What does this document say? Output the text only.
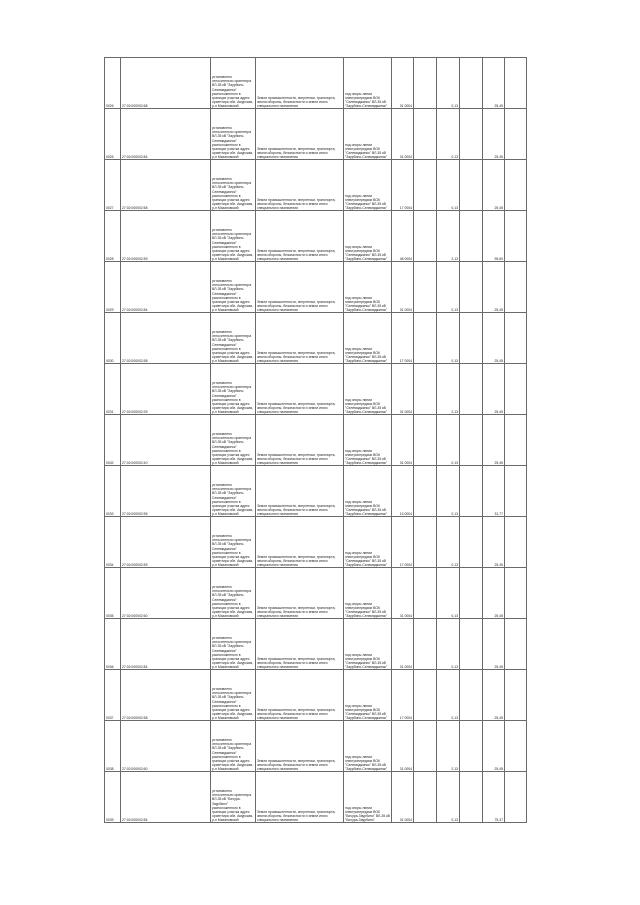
0026	27:02:000002:68	установлено относительно ориентира ВЛ-35 кВ "Заурбино-Селемиджинск" расположенного в границах участка адрес ориентира обл. Амурская, р-н Мазановский	Земли промышленности, энергетики, транспорта, земли обороны, безопасности и земли иного специального назначения	под опоры линии электропередачи ВОК "Селемиджинск" ВЛ-35 кВ "Заурбино-Селемиджинск"	31 0004		0,13		25,45	
0026	27:02:000002:84	установлено относительно ориентира ВЛ-35 кВ "Заурбино-Селемиджинск" расположенного в границах участка адрес ориентира обл. Амурская, р-н Мазановский	Земли промышленности, энергетики, транспорта, земли обороны, безопасности и земли иного специального назначения	под опоры линии электропередачи ВОК "Селемиджинск" ВЛ-35 кВ "Заурбино-Селемиджинск"	31 0004		0,13		25,45	
0027	27:02:000002:58	установлено относительно ориентира ВЛ-35 кВ "Заурбино-Селемиджинск" расположенного в границах участка адрес ориентира обл. Амурская, р-н Мазановский	Земли промышленности, энергетики, транспорта, земли обороны, безопасности и земли иного специального назначения	под опоры линии электропередачи ВОК "Селемиджинск" ВЛ-35 кВ "Заурбино-Селемиджинск"	17 0004		0,13		25,45	
0028	27:02:000002:59	установлено относительно ориентира ВЛ-35 кВ "Заурбино-Селемиджинск" расположенного в границах участка адрес ориентира обл. Амурская, р-н Мазановский	Земли промышленности, энергетики, транспорта, земли обороны, безопасности и земли иного специального назначения	под опоры линии электропередачи ВОК "Селемиджинск" ВЛ-35 кВ "Заурбино-Селемиджинск"	48 0004		2,13		95,60	
0029	27:02:000002:84	установлено относительно ориентира ВЛ-35 кВ "Заурбино-Селемиджинск" расположенного в границах участка адрес ориентира обл. Амурская, р-н Мазановский	Земли промышленности, энергетики, транспорта, земли обороны, безопасности и земли иного специального назначения	под опоры линии электропередачи ВОК "Селемиджинск" ВЛ-35 кВ "Заурбино-Селемиджинск"	31 0004		0,13		25,45	
0030	27:02:000002:58	установлено относительно ориентира ВЛ-35 кВ "Заурбино-Селемиджинск" расположенного в границах участка адрес ориентира обл. Амурская, р-н Мазановский	Земли промышленности, энергетики, транспорта, земли обороны, безопасности и земли иного специального назначения	под опоры линии электропередачи ВОК "Селемиджинск" ВЛ-35 кВ "Заурбино-Селемиджинск"	17 0004		0,13		25,45	
0031	27:02:000002:39	установлено относительно ориентира ВЛ-35 кВ "Заурбино-Селемиджинск" расположенного в границах участка адрес ориентира обл. Амурская, р-н Мазановский	Земли промышленности, энергетики, транспорта, земли обороны, безопасности и земли иного специального назначения	под опоры линии электропередачи ВОК "Селемиджинск" ВЛ-35 кВ "Заурбино-Селемиджинск"	31 0004		2,13		25,45	
0032	27:02:000002:40	установлено относительно ориентира ВЛ-35 кВ "Заурбино-Селемиджинск" расположенного в границах участка адрес ориентира обл. Амурская, р-н Мазановский	Земли промышленности, энергетики, транспорта, земли обороны, безопасности и земли иного специального назначения	под опоры линии электропередачи ВОК "Селемиджинск" ВЛ-35 кВ "Заурбино-Селемиджинск"	31 0004		0,13		25,45	
0033	27:02:000002:55	установлено относительно ориентира ВЛ-35 кВ "Заурбино-Селемиджинск" расположенного в границах участка адрес ориентира обл. Амурская, р-н Мазановский	Земли промышленности, энергетики, транспорта, земли обороны, безопасности и земли иного специального назначения	под опоры линии электропередачи ВОК "Селемиджинск" ВЛ-35 кВ "Заурбино-Селемиджинск"	13 0004		0,13		31,77	
0034	27:02:000002:59	установлено относительно ориентира ВЛ-35 кВ "Заурбино-Селемиджинск" расположенного в границах участка адрес ориентира обл. Амурская, р-н Мазановский	Земли промышленности, энергетики, транспорта, земли обороны, безопасности и земли иного специального назначения	под опоры линии электропередачи ВОК "Селемиджинск" ВЛ-35 кВ "Заурбино-Селемиджинск"	17 0004		0,13		25,45	
0035	27:02:000002:60	установлено относительно ориентира ВЛ-35 кВ "Заурбино-Селемиджинск" расположенного в границах участка адрес ориентира обл. Амурская, р-н Мазановский	Земли промышленности, энергетики, транспорта, земли обороны, безопасности и земли иного специального назначения	под опоры линии электропередачи ВОК "Селемиджинск" ВЛ-35 кВ "Заурбино-Селемиджинск"	31 0004		0,13		25,45	
0036	27:02:000002:84	установлено относительно ориентира ВЛ-35 кВ "Заурбино-Селемиджинск" расположенного в границах участка адрес ориентира обл. Амурская, р-н Мазановский	Земли промышленности, энергетики, транспорта, земли обороны, безопасности и земли иного специального назначения	под опоры линии электропередачи ВОК "Селемиджинск" ВЛ-35 кВ "Заурбино-Селемиджинск"	31 0004		0,13		25,45	
0037	27:02:000002:58	установлено относительно ориентира ВЛ-35 кВ "Заурбино-Селемиджинск" расположенного в границах участка адрес ориентира обл. Амурская, р-н Мазановский	Земли промышленности, энергетики, транспорта, земли обороны, безопасности и земли иного специального назначения	под опоры линии электропередачи ВОК "Селемиджинск" ВЛ-35 кВ "Заурбино-Селемиджинск"	17 0004		0,13		25,45	
0038	27:02:000002:60	установлено относительно ориентира ВЛ-35 кВ "Заурбино-Селемиджинск" расположенного в границах участка адрес ориентира обл. Амурская, р-н Мазановский	Земли промышленности, энергетики, транспорта, земли обороны, безопасности и земли иного специального назначения	под опоры линии электропередачи ВОК "Селемиджинск" ВЛ-35 кВ "Заурбино-Селемиджинск"	31 0004		2,13		25,45	
0039	27:02:000002:84	установлено относительно ориентира ВЛ-35 кВ "Бичура-Заурбино" расположенного в границах участка адрес ориентира обл. Амурская, р-н Мазановский	Земли промышленности, энергетики, транспорта, земли обороны, безопасности и земли иного специального назначения	под опоры линии электропередачи ВОК "Бичура-Заурбино" ВЛ-35 кВ "Бичура-Заурбино"	31 0004		0,13		75,37	
